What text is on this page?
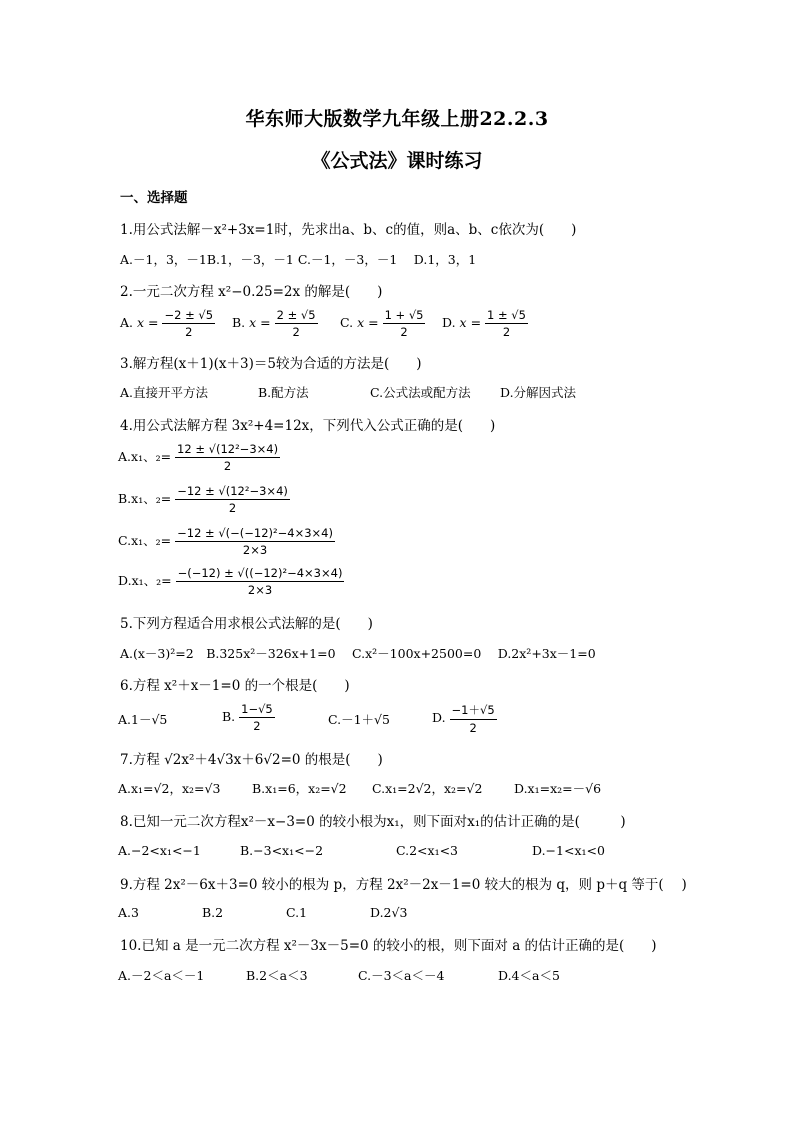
华东师大版数学九年级上册22.2.3
《公式法》课时练习
一、选择题
1.用公式法解－x²+3x=1时，先求出a、b、c的值，则a、b、c依次为(　　)
A.－1，3，－1B.1，－3，－1 C.－1，－3，－1　 D.1，3，1
2.一元二次方程 x²−0.25=2x 的解是(　　)
A. $x = \frac{-2 \pm √5}{2} B$. $x = \frac{2 \pm √5}{2} C$. $x = \frac{1 + √5}{2} D$. $x = \frac{1 \pm √5}{2}$
3.解方程(x＋1)(x＋3)＝5较为合适的方法是(　　)
A.直接开平方法	B.配方法	C.公式法或配方法 D.分解因式法
4.用公式法解方程 3x²+4=12x，下列代入公式正确的是(　　)
A.x₁、$_2= \frac{\text{12 ± √(12²−3×4)}}{2}$
B.x₁、$_2= \frac{\text{−12 ± √(12²−3×4)}}{2}$
C.x₁、$_2= \frac{\text{−12 ± √(−(−12)²−4×3×4)}}{2\times 3}$
D.x₁、$_2= \frac{\text{−(−12) ± √((−12)²−4×3×4)}}{2\times 3}$
5.下列方程适合用求根公式法解的是(　　)
A.(x－3)²=2　B.325x²－326x+1=0　 C.x²－100x+2500=0　 D.2x²+3x－1=0
6.方程 x²＋x－1=0 的一个根是(　　)
A.1－√5	B. $\frac{1-√5}{2}$	C.－1＋√5	D. $\frac{-1+√5}{2}$
7.方程 √2x²＋4√3x＋6√2=0 的根是(　　)
A.x₁=√2，x₂=√3	B.x₁=6，x₂=√2 C.x₁=2√2，x₂=√2	D.x₁=x₂=－√6
8.已知一元二次方程x²－x−3=0 的较小根为x₁，则下面对x₁的估计正确的是(　　　)
A.−2<x₁<−1	B.−3<x₁<−2	C.2<x₁<3	D.−1<x₁<0
9.方程 2x²－6x＋3=0 较小的根为 p，方程 2x²－2x－1=0 较大的根为 q，则 p＋q 等于(　 )
A.3	B.2	C.1	D.2√3
10.已知 a 是一元二次方程 x²－3x－5=0 的较小的根，则下面对 a 的估计正确的是(　　)
A.－2＜a＜－1	B.2＜a＜3	C.－3＜a＜－4	D.4＜a＜5
